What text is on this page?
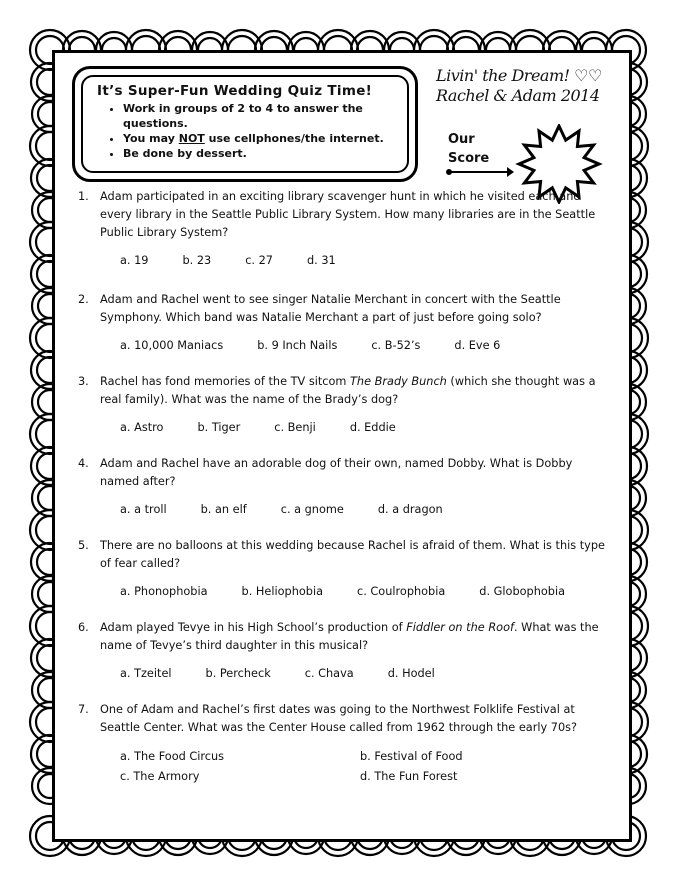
It’s Super-Fun Wedding Quiz Time!
• Work in groups of 2 to 4 to answer the questions.
• You may NOT use cellphones/the internet.
• Be done by dessert.
Livin' the Dream! ♡♡
Rachel & Adam 2014
Our
Score
1. Adam participated in an exciting library scavenger hunt in which he visited each and every library in the Seattle Public Library System. How many libraries are in the Seattle Public Library System?
a. 19	b. 23	c. 27	d. 31
2. Adam and Rachel went to see singer Natalie Merchant in concert with the Seattle Symphony. Which band was Natalie Merchant a part of just before going solo?
a. 10,000 Maniacs	b. 9 Inch Nails	c. B-52’s	d. Eve 6
3. Rachel has fond memories of the TV sitcom The Brady Bunch (which she thought was a real family). What was the name of the Brady’s dog?
a. Astro	b. Tiger	c. Benji	d. Eddie
4. Adam and Rachel have an adorable dog of their own, named Dobby. What is Dobby named after?
a. a troll	b. an elf	c. a gnome	d. a dragon
5. There are no balloons at this wedding because Rachel is afraid of them. What is this type of fear called?
a. Phonophobia	b. Heliophobia	c. Coulrophobia	d. Globophobia
6. Adam played Tevye in his High School’s production of Fiddler on the Roof. What was the name of Tevye’s third daughter in this musical?
a. Tzeitel	b. Percheck	c. Chava	d. Hodel
7. One of Adam and Rachel’s first dates was going to the Northwest Folklife Festival at Seattle Center. What was the Center House called from 1962 through the early 70s?
a. The Food Circus	b. Festival of Food
c. The Armory	d. The Fun Forest
